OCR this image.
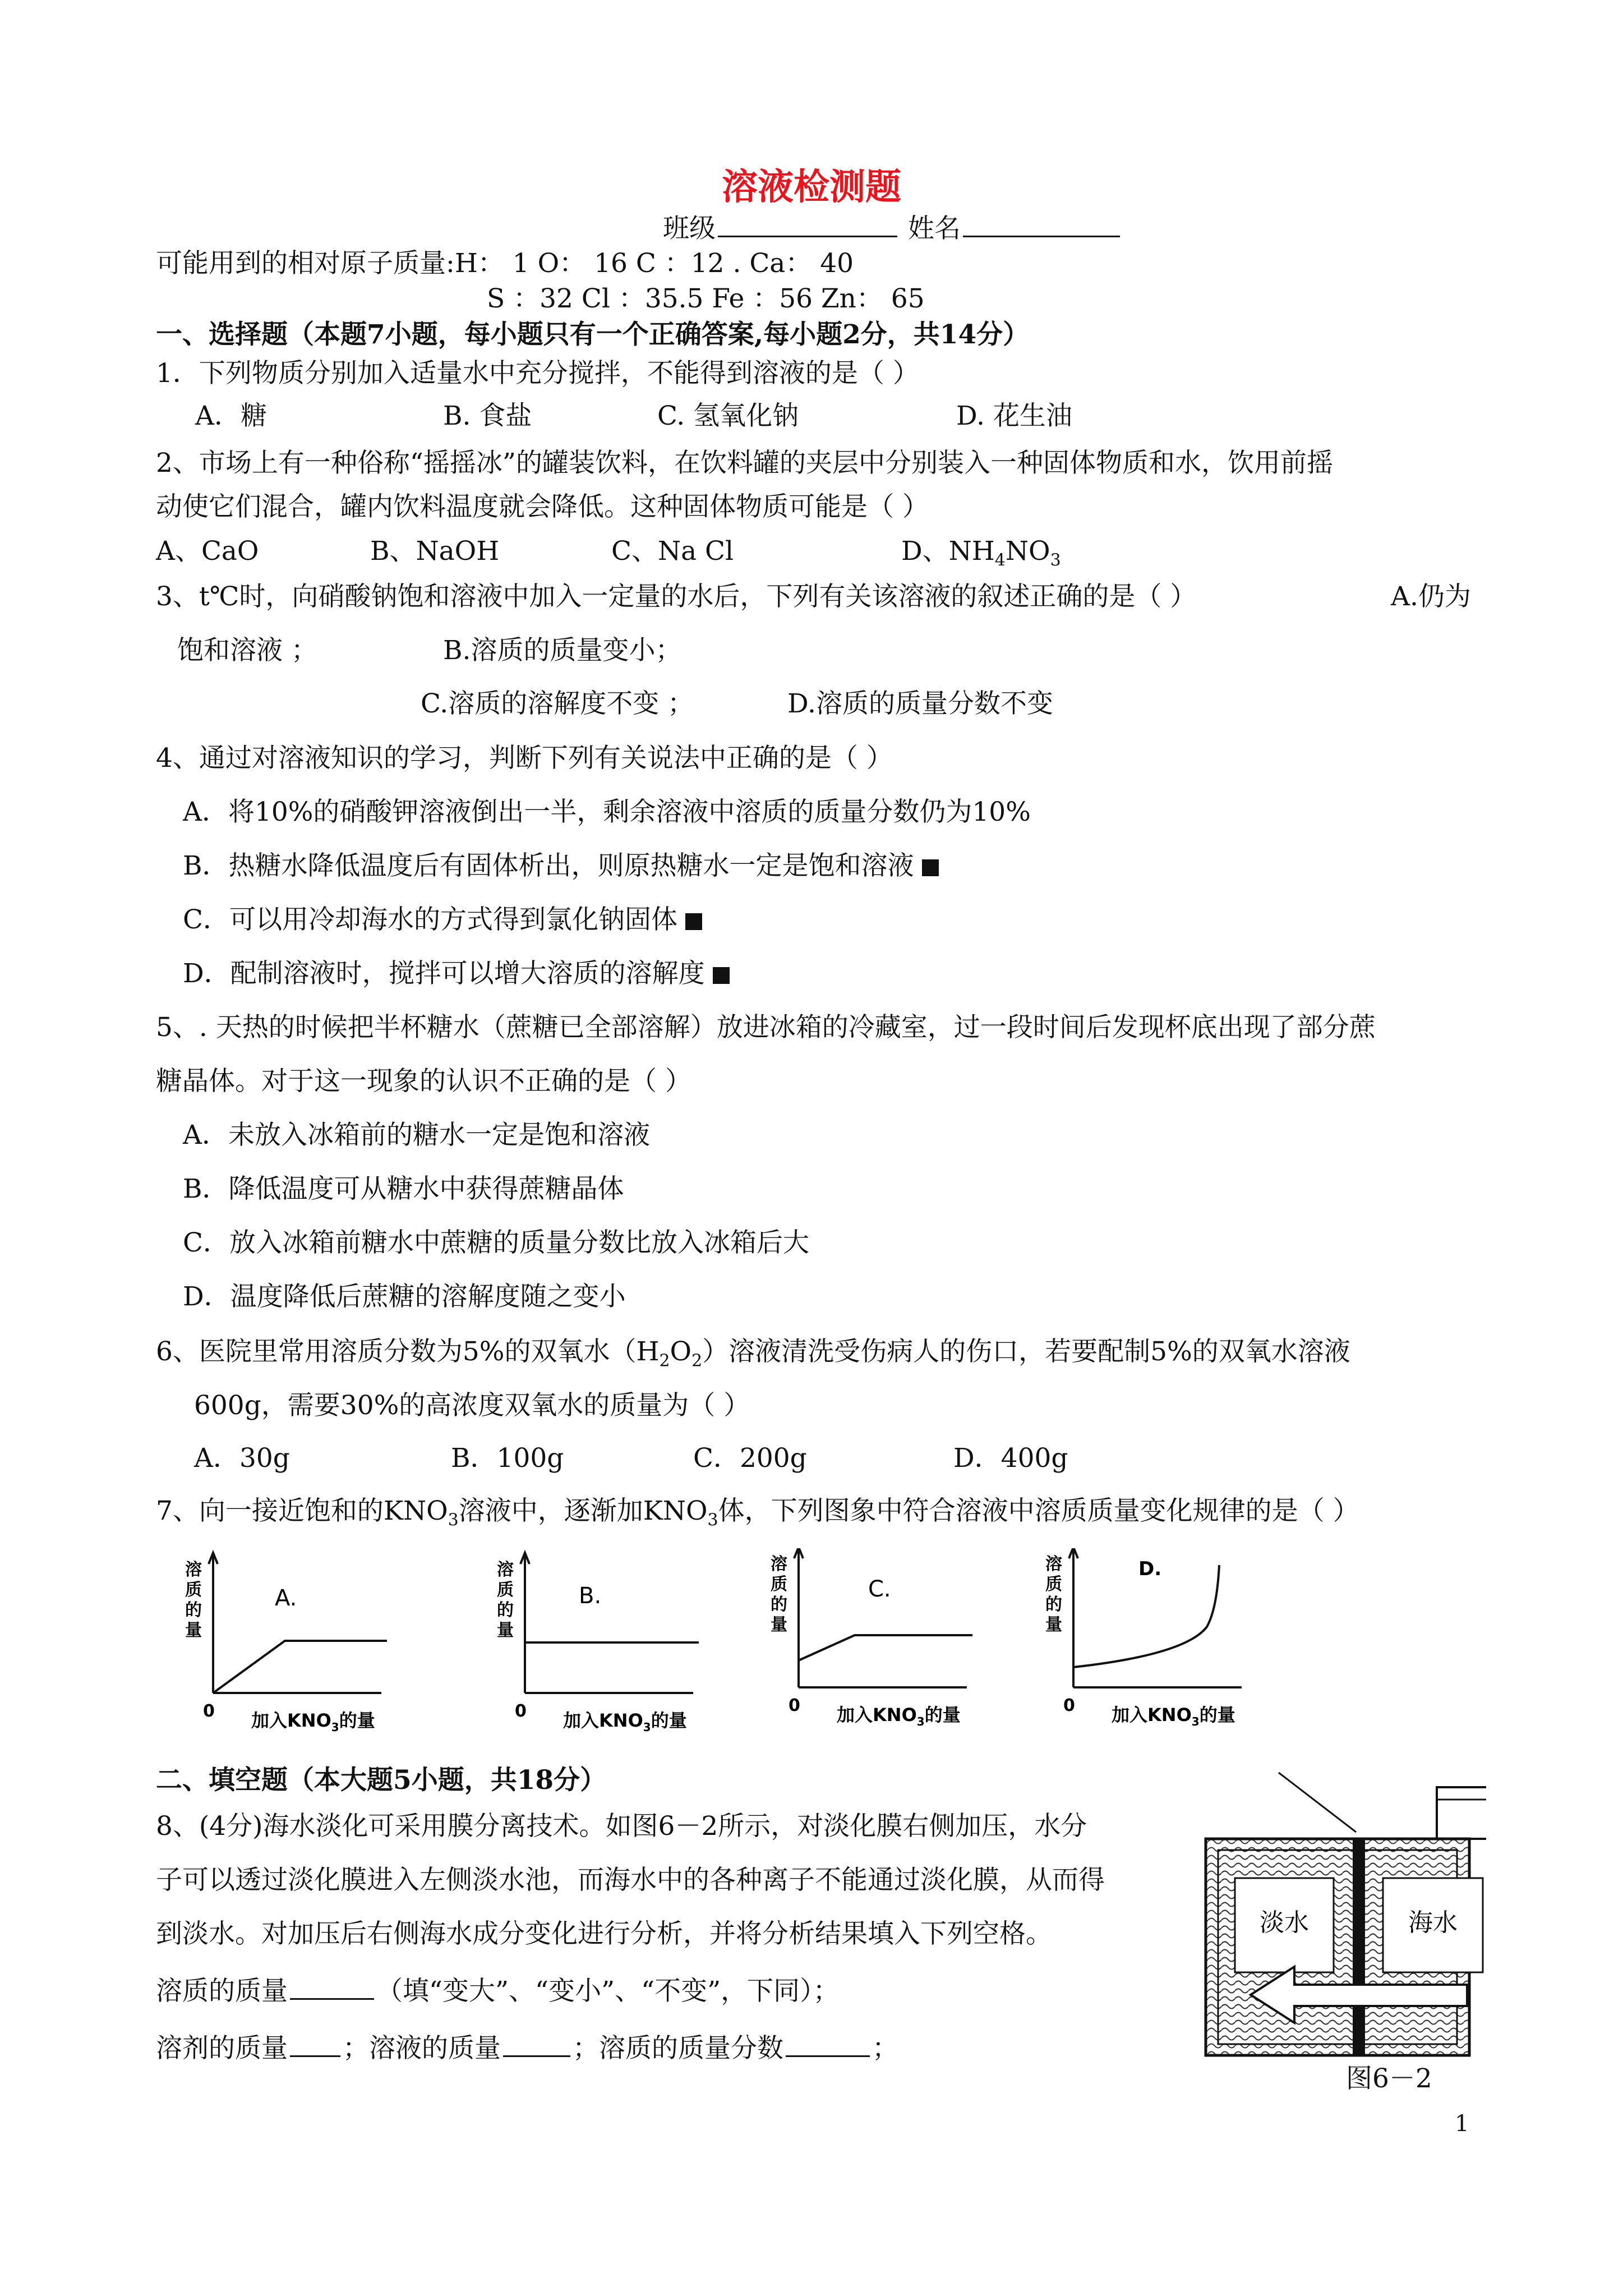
溶液检测题
班级	姓名
可能用到的相对原子质量:H： 1 O： 16 C ：12 . Ca： 40
S ：32 Cl ：35.5 Fe ：56 Zn： 65
一、选择题（本题7小题，每小题只有一个正确答案,每小题2分，共14分）
1．下列物质分别加入适量水中充分搅拌，不能得到溶液的是（ ）
A．糖	B. 食盐	C. 氢氧化钠	D. 花生油
2、市场上有一种俗称“摇摇冰”的罐装饮料，在饮料罐的夹层中分别装入一种固体物质和水，饮用前摇
动使它们混合，罐内饮料温度就会降低。这种固体物质可能是（ ）
A、CaO	B、NaOH	C、Na Cl	D、$NH_4NO_3$
3、t℃时，向硝酸钠饱和溶液中加入一定量的水后，下列有关该溶液的叙述正确的是（ ）	A.仍为
饱和溶液 ；	B.溶质的质量变小；
C.溶质的溶解度不变 ；	D.溶质的质量分数不变
4、通过对溶液知识的学习，判断下列有关说法中正确的是（ ）
A．将10%的硝酸钾溶液倒出一半，剩余溶液中溶质的质量分数仍为10%
B．热糖水降低温度后有固体析出，则原热糖水一定是饱和溶液
C．可以用冷却海水的方式得到氯化钠固体
D．配制溶液时，搅拌可以增大溶质的溶解度
5、. 天热的时候把半杯糖水（蔗糖已全部溶解）放进冰箱的冷藏室，过一段时间后发现杯底出现了部分蔗
糖晶体。对于这一现象的认识不正确的是（ ）
A．未放入冰箱前的糖水一定是饱和溶液
B．降低温度可从糖水中获得蔗糖晶体
C．放入冰箱前糖水中蔗糖的质量分数比放入冰箱后大
D．温度降低后蔗糖的溶解度随之变小
6、医院里常用溶质分数为5%的双氧水$(H_2O_2)$溶液清洗受伤病人的伤口，若要配制5%的双氧水溶液
600g，需要30%的高浓度双氧水的质量为（ ）
A．30g	B．100g	C．200g	D．400g
7、向一接近饱和的$KNO_3$溶液中，逐渐加$KNO_3$体，下列图象中符合溶液中溶质质量变化规律的是（ ）
溶
质
的
量
A.
0 加入$KNO_3$的量
溶
质
的
量
B.
0 加入$KNO_3$的量
溶
质
的
量
C.
0 加入$KNO_3$的量
溶
质
的
量
D.
0 加入$KNO_3$的量
二、填空题（本大题5小题，共18分）
8、(4分)海水淡化可采用膜分离技术。如图6－2所示，对淡化膜右侧加压，水分
子可以透过淡化膜进入左侧淡水池，而海水中的各种离子不能通过淡化膜，从而得
到淡水。对加压后右侧海水成分变化进行分析，并将分析结果填入下列空格。
溶质的质量	（填“变大”、“变小”、“不变”，下同）；
溶剂的质量 ；溶液的质量	；溶质的质量分数	；
淡水	海水
图6－2
1
